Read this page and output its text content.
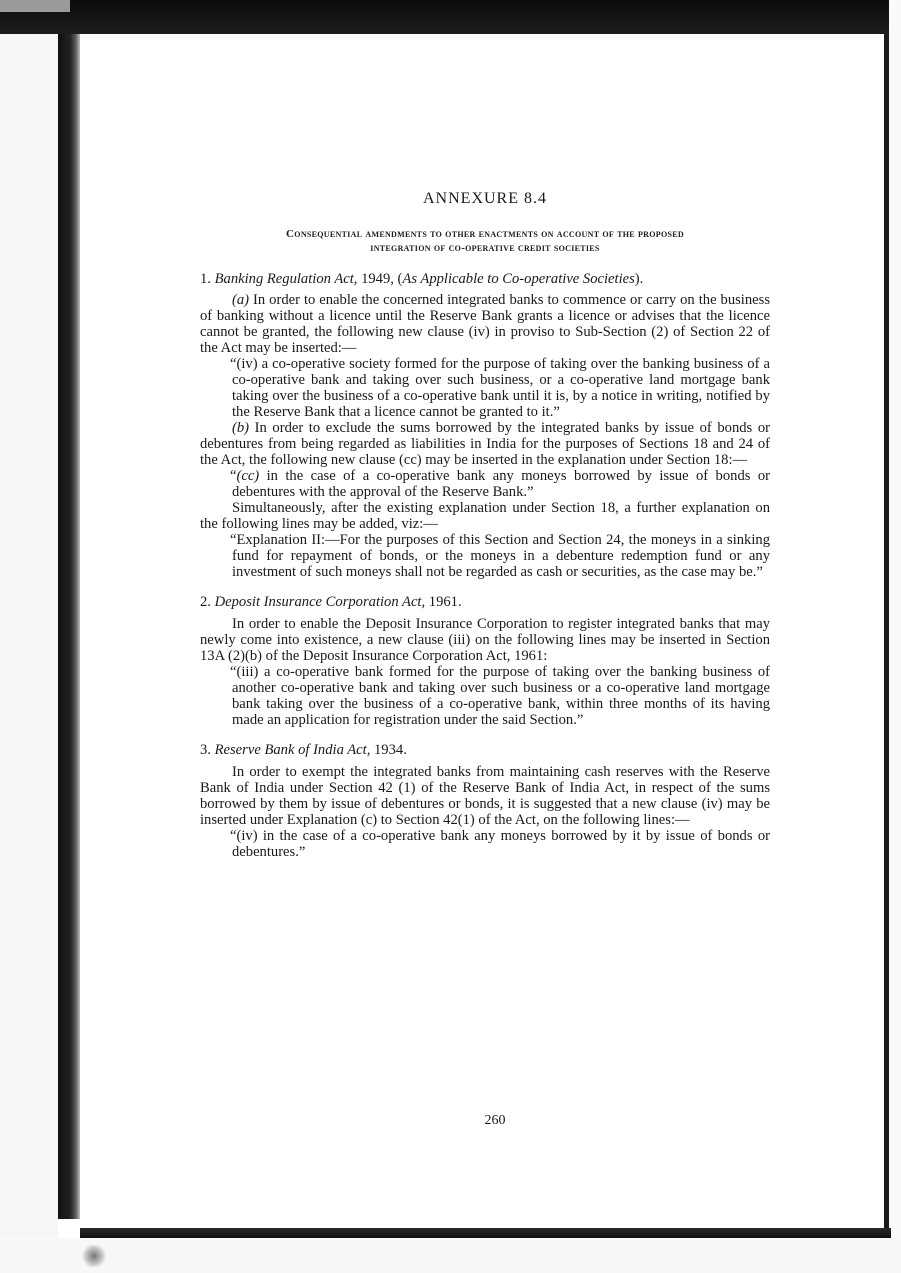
ANNEXURE 8.4
Consequential amendments to other enactments on account of the proposed
integration of co-operative credit societies
1. Banking Regulation Act, 1949, (As Applicable to Co-operative Societies).
(a) In order to enable the concerned integrated banks to commence or carry on the business of banking without a licence until the Reserve Bank grants a licence or advises that the licence cannot be granted, the following new clause (iv) in proviso to Sub-Section (2) of Section 22 of the Act may be inserted:—
“(iv) a co-operative society formed for the purpose of taking over the banking business of a co-operative bank and taking over such business, or a co-operative land mortgage bank taking over the business of a co-operative bank until it is, by a notice in writing, notified by the Reserve Bank that a licence cannot be granted to it.”
(b) In order to exclude the sums borrowed by the integrated banks by issue of bonds or debentures from being regarded as liabilities in India for the purposes of Sections 18 and 24 of the Act, the following new clause (cc) may be inserted in the explanation under Section 18:—
“(cc) in the case of a co-operative bank any moneys borrowed by issue of bonds or debentures with the approval of the Reserve Bank.”
Simultaneously, after the existing explanation under Section 18, a further explanation on the following lines may be added, viz:—
“Explanation II:—For the purposes of this Section and Section 24, the moneys in a sinking fund for repayment of bonds, or the moneys in a debenture redemption fund or any investment of such moneys shall not be regarded as cash or securities, as the case may be.”
2. Deposit Insurance Corporation Act, 1961.
In order to enable the Deposit Insurance Corporation to register integrated banks that may newly come into existence, a new clause (iii) on the following lines may be inserted in Section 13A (2)(b) of the Deposit Insurance Corporation Act, 1961:
“(iii) a co-operative bank formed for the purpose of taking over the banking business of another co-operative bank and taking over such business or a co-operative land mortgage bank taking over the business of a co-operative bank, within three months of its having made an application for registration under the said Section.”
3. Reserve Bank of India Act, 1934.
In order to exempt the integrated banks from maintaining cash reserves with the Reserve Bank of India under Section 42 (1) of the Reserve Bank of India Act, in respect of the sums borrowed by them by issue of debentures or bonds, it is suggested that a new clause (iv) may be inserted under Explanation (c) to Section 42(1) of the Act, on the following lines:—
“(iv) in the case of a co-operative bank any moneys borrowed by it by issue of bonds or debentures.”
260
